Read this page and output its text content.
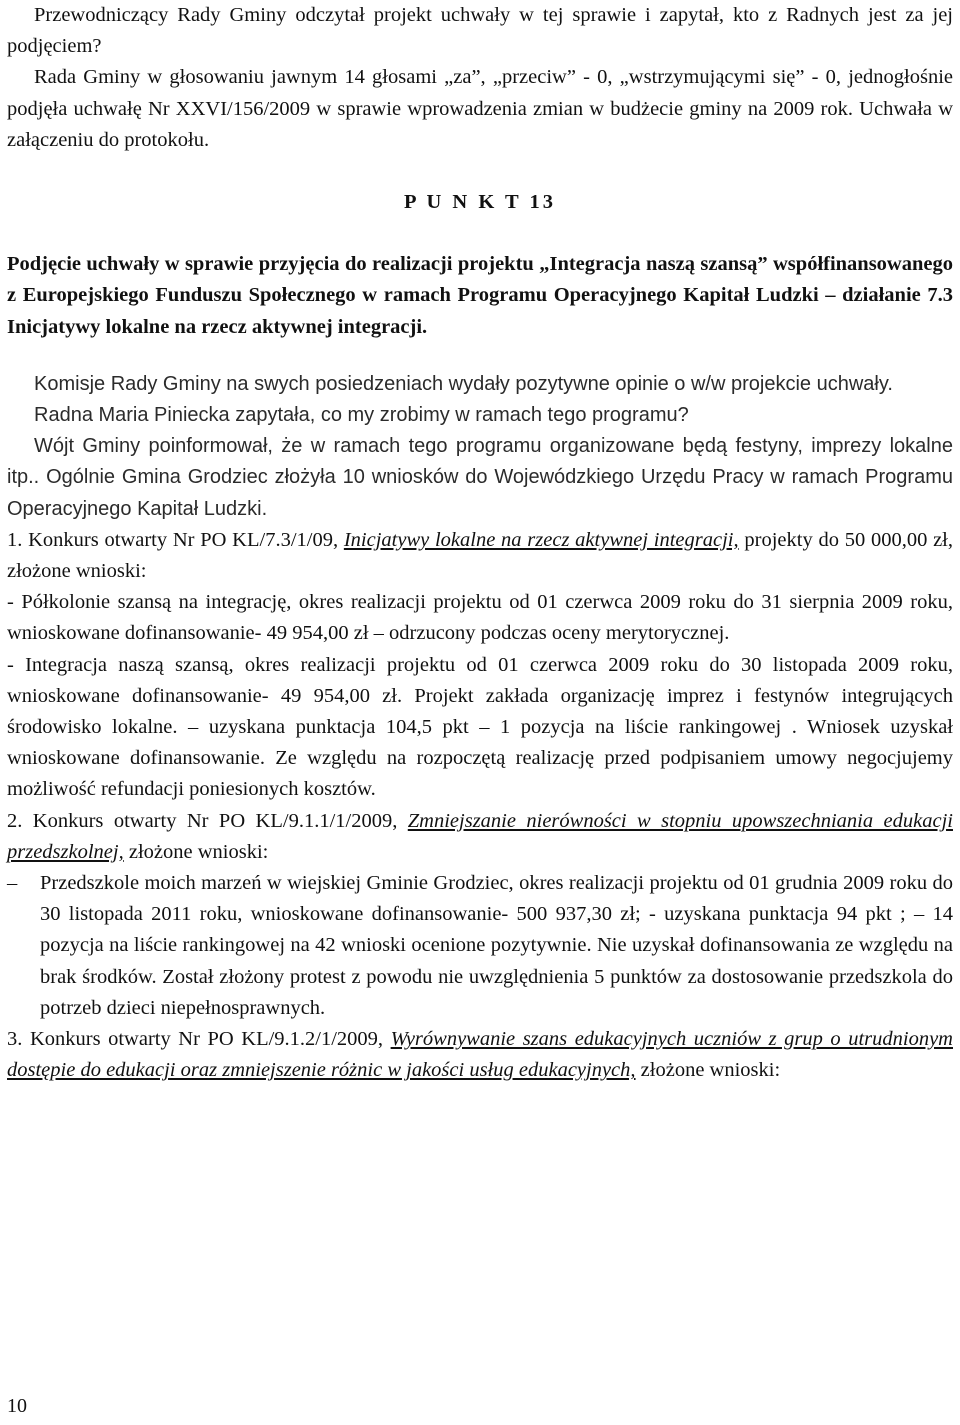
Przewodniczący Rady Gminy odczytał projekt uchwały w tej sprawie i zapytał, kto z Radnych jest za jej podjęciem?

Rada Gminy w głosowaniu jawnym 14 głosami „za”, „przeciw” - 0, „wstrzymującymi się” - 0, jednogłośnie podjęła uchwałę Nr XXVI/156/2009 w sprawie wprowadzenia zmian w budżecie gminy na 2009 rok. Uchwała w załączeniu do protokołu.

P U N K T 13

Podjęcie uchwały w sprawie przyjęcia do realizacji projektu „Integracja naszą szansą” współfinansowanego z Europejskiego Funduszu Społecznego w ramach Programu Operacyjnego Kapitał Ludzki – działanie 7.3 Inicjatywy lokalne na rzecz aktywnej integracji.

Komisje Rady Gminy na swych posiedzeniach wydały pozytywne opinie o w/w projekcie uchwały.

Radna Maria Piniecka zapytała, co my zrobimy w ramach tego programu?

Wójt Gminy poinformował, że w ramach tego programu organizowane będą festyny, imprezy lokalne itp.. Ogólnie Gmina Grodziec złożyła 10 wniosków do Wojewódzkiego Urzędu Pracy w ramach Programu Operacyjnego Kapitał Ludzki.

1. Konkurs otwarty Nr PO KL/7.3/1/09, Inicjatywy lokalne na rzecz aktywnej integracji, projekty do 50 000,00 zł, złożone wnioski:

- Półkolonie szansą na integrację, okres realizacji projektu od 01 czerwca 2009 roku do 31 sierpnia 2009 roku, wnioskowane dofinansowanie- 49 954,00 zł – odrzucony podczas oceny merytorycznej.

- Integracja naszą szansą, okres realizacji projektu od 01 czerwca 2009 roku do 30 listopada 2009 roku, wnioskowane dofinansowanie- 49 954,00 zł. Projekt zakłada organizację imprez i festynów integrujących środowisko lokalne. – uzyskana punktacja 104,5 pkt – 1 pozycja na liście rankingowej . Wniosek uzyskał wnioskowane dofinansowanie. Ze względu na rozpoczętą realizację przed podpisaniem umowy negocjujemy możliwość refundacji poniesionych kosztów.

2. Konkurs otwarty Nr PO KL/9.1.1/1/2009, Zmniejszanie nierówności w stopniu upowszechniania edukacji przedszkolnej, złożone wnioski:

–	Przedszkole moich marzeń w wiejskiej Gminie Grodziec, okres realizacji projektu od 01 grudnia 2009 roku do 30 listopada 2011 roku, wnioskowane dofinansowanie- 500 937,30 zł; - uzyskana punktacja 94 pkt ; – 14 pozycja na liście rankingowej na 42 wnioski ocenione pozytywnie. Nie uzyskał dofinansowania ze względu na brak środków. Został złożony protest z powodu nie uwzględnienia 5 punktów za dostosowanie przedszkola do potrzeb dzieci niepełnosprawnych.

3. Konkurs otwarty Nr PO KL/9.1.2/1/2009, Wyrównywanie szans edukacyjnych uczniów z grup o utrudnionym dostępie do edukacji oraz zmniejszenie różnic w jakości usług edukacyjnych, złożone wnioski:

10
